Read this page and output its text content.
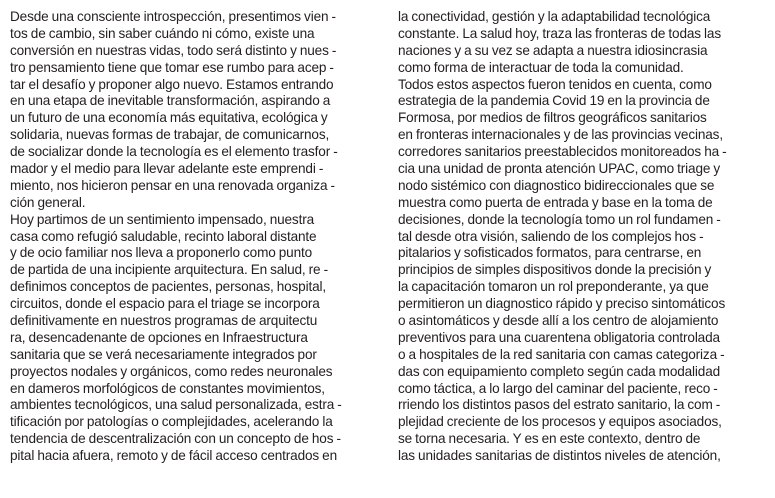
Desde una consciente introspección, presentimos vien -
tos de cambio, sin saber cuándo ni cómo, existe una
conversión en nuestras vidas, todo será distinto y nues -
tro pensamiento tiene que tomar ese rumbo para acep -
tar el desafío y proponer algo nuevo. Estamos entrando
en una etapa de inevitable transformación, aspirando a
un futuro de una economía más equitativa, ecológica y
solidaria, nuevas formas de trabajar, de comunicarnos,
de socializar donde la tecnología es el elemento trasfor -
mador y el medio para llevar adelante este emprendi -
miento, nos hicieron pensar en una renovada organiza -
ción general.
Hoy partimos de un sentimiento impensado, nuestra
casa como refugió saludable, recinto laboral distante
y de ocio familiar nos lleva a proponerlo como punto
de partida de una incipiente arquitectura. En salud, re -
definimos conceptos de pacientes, personas, hospital,
circuitos, donde el espacio para el triage se incorpora
definitivamente en nuestros programas de arquitectu
ra, desencadenante de opciones en Infraestructura
sanitaria que se verá necesariamente integrados por
proyectos nodales y orgánicos, como redes neuronales
en dameros morfológicos de constantes movimientos,
ambientes tecnológicos, una salud personalizada, estra -
tificación por patologías o complejidades, acelerando la
tendencia de descentralización con un concepto de hos -
pital hacia afuera, remoto y de fácil acceso centrados en
la conectividad, gestión y la adaptabilidad tecnológica
constante. La salud hoy, traza las fronteras de todas las
naciones y a su vez se adapta a nuestra idiosincrasia
como forma de interactuar de toda la comunidad.
Todos estos aspectos fueron tenidos en cuenta, como
estrategia de la pandemia Covid 19 en la provincia de
Formosa, por medios de filtros geográficos sanitarios
en fronteras internacionales y de las provincias vecinas,
corredores sanitarios preestablecidos monitoreados ha -
cia una unidad de pronta atención UPAC, como triage y
nodo sistémico con diagnostico bidireccionales que se
muestra como puerta de entrada y base en la toma de
decisiones, donde la tecnología tomo un rol fundamen -
tal desde otra visión, saliendo de los complejos hos -
pitalarios y sofisticados formatos, para centrarse, en
principios de simples dispositivos donde la precisión y
la capacitación tomaron un rol preponderante, ya que
permitieron un diagnostico rápido y preciso sintomáticos
o asintomáticos y desde allí a los centro de alojamiento
preventivos para una cuarentena obligatoria controlada
o a hospitales de la red sanitaria con camas categoriza -
das con equipamiento completo según cada modalidad
como táctica, a lo largo del caminar del paciente, reco -
rriendo los distintos pasos del estrato sanitario, la com -
plejidad creciente de los procesos y equipos asociados,
se torna necesaria. Y es en este contexto, dentro de
las unidades sanitarias de distintos niveles de atención,
